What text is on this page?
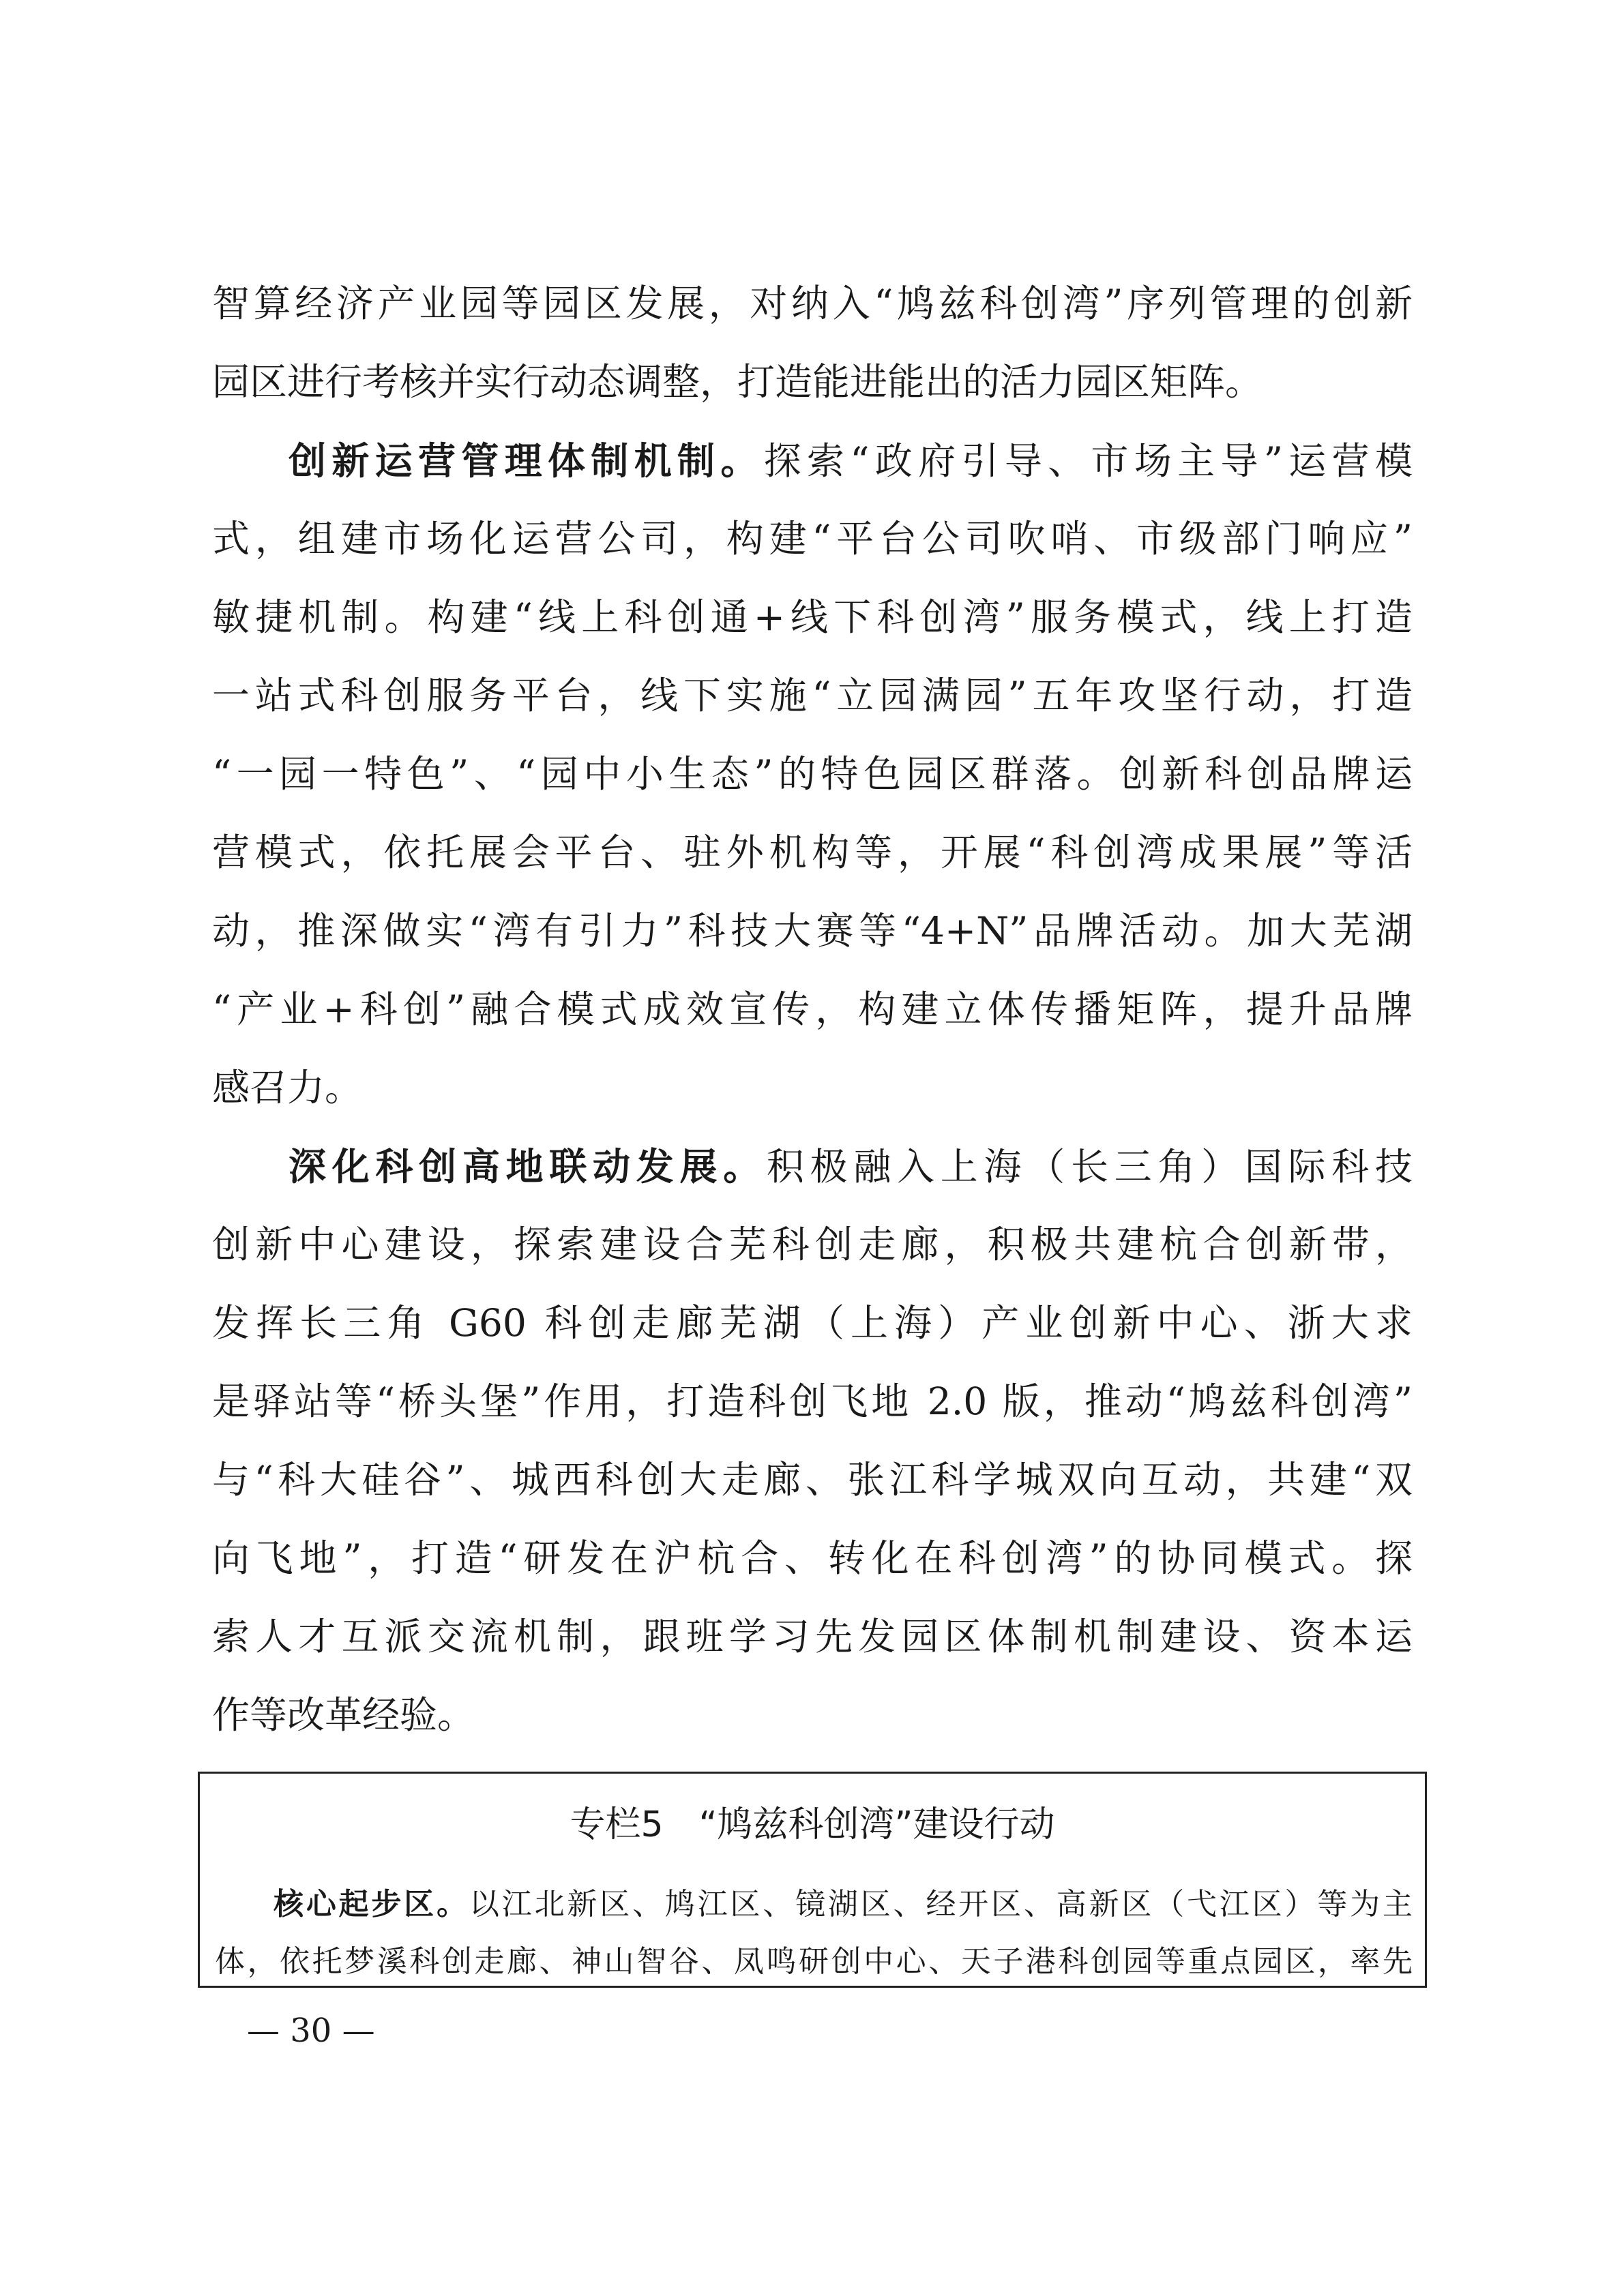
智算经济产业园等园区发展，对纳入“鸠兹科创湾”序列管理的创新
园区进行考核并实行动态调整，打造能进能出的活力园区矩阵。
创新运营管理体制机制。探索“政府引导、市场主导”运营模
式，组建市场化运营公司，构建“平台公司吹哨、市级部门响应”
敏捷机制。构建“线上科创通+线下科创湾”服务模式，线上打造
一站式科创服务平台，线下实施“立园满园”五年攻坚行动，打造
“一园一特色”、“园中小生态”的特色园区群落。创新科创品牌运
营模式，依托展会平台、驻外机构等，开展“科创湾成果展”等活
动，推深做实“湾有引力”科技大赛等“4+N”品牌活动。加大芜湖
“产业+科创”融合模式成效宣传，构建立体传播矩阵，提升品牌
感召力。
深化科创高地联动发展。积极融入上海（长三角）国际科技
创新中心建设，探索建设合芜科创走廊，积极共建杭合创新带，
发挥长三角 G60 科创走廊芜湖（上海）产业创新中心、浙大求
是驿站等“桥头堡”作用，打造科创飞地 2.0 版，推动“鸠兹科创湾”
与“科大硅谷”、城西科创大走廊、张江科学城双向互动，共建“双
向飞地”，打造“研发在沪杭合、转化在科创湾”的协同模式。探
索人才互派交流机制，跟班学习先发园区体制机制建设、资本运
作等改革经验。
专栏5　“鸠兹科创湾”建设行动
核心起步区。以江北新区、鸠江区、镜湖区、经开区、高新区（弋江区）等为主
体，依托梦溪科创走廊、神山智谷、凤鸣研创中心、天子港科创园等重点园区，率先
— 30 —
